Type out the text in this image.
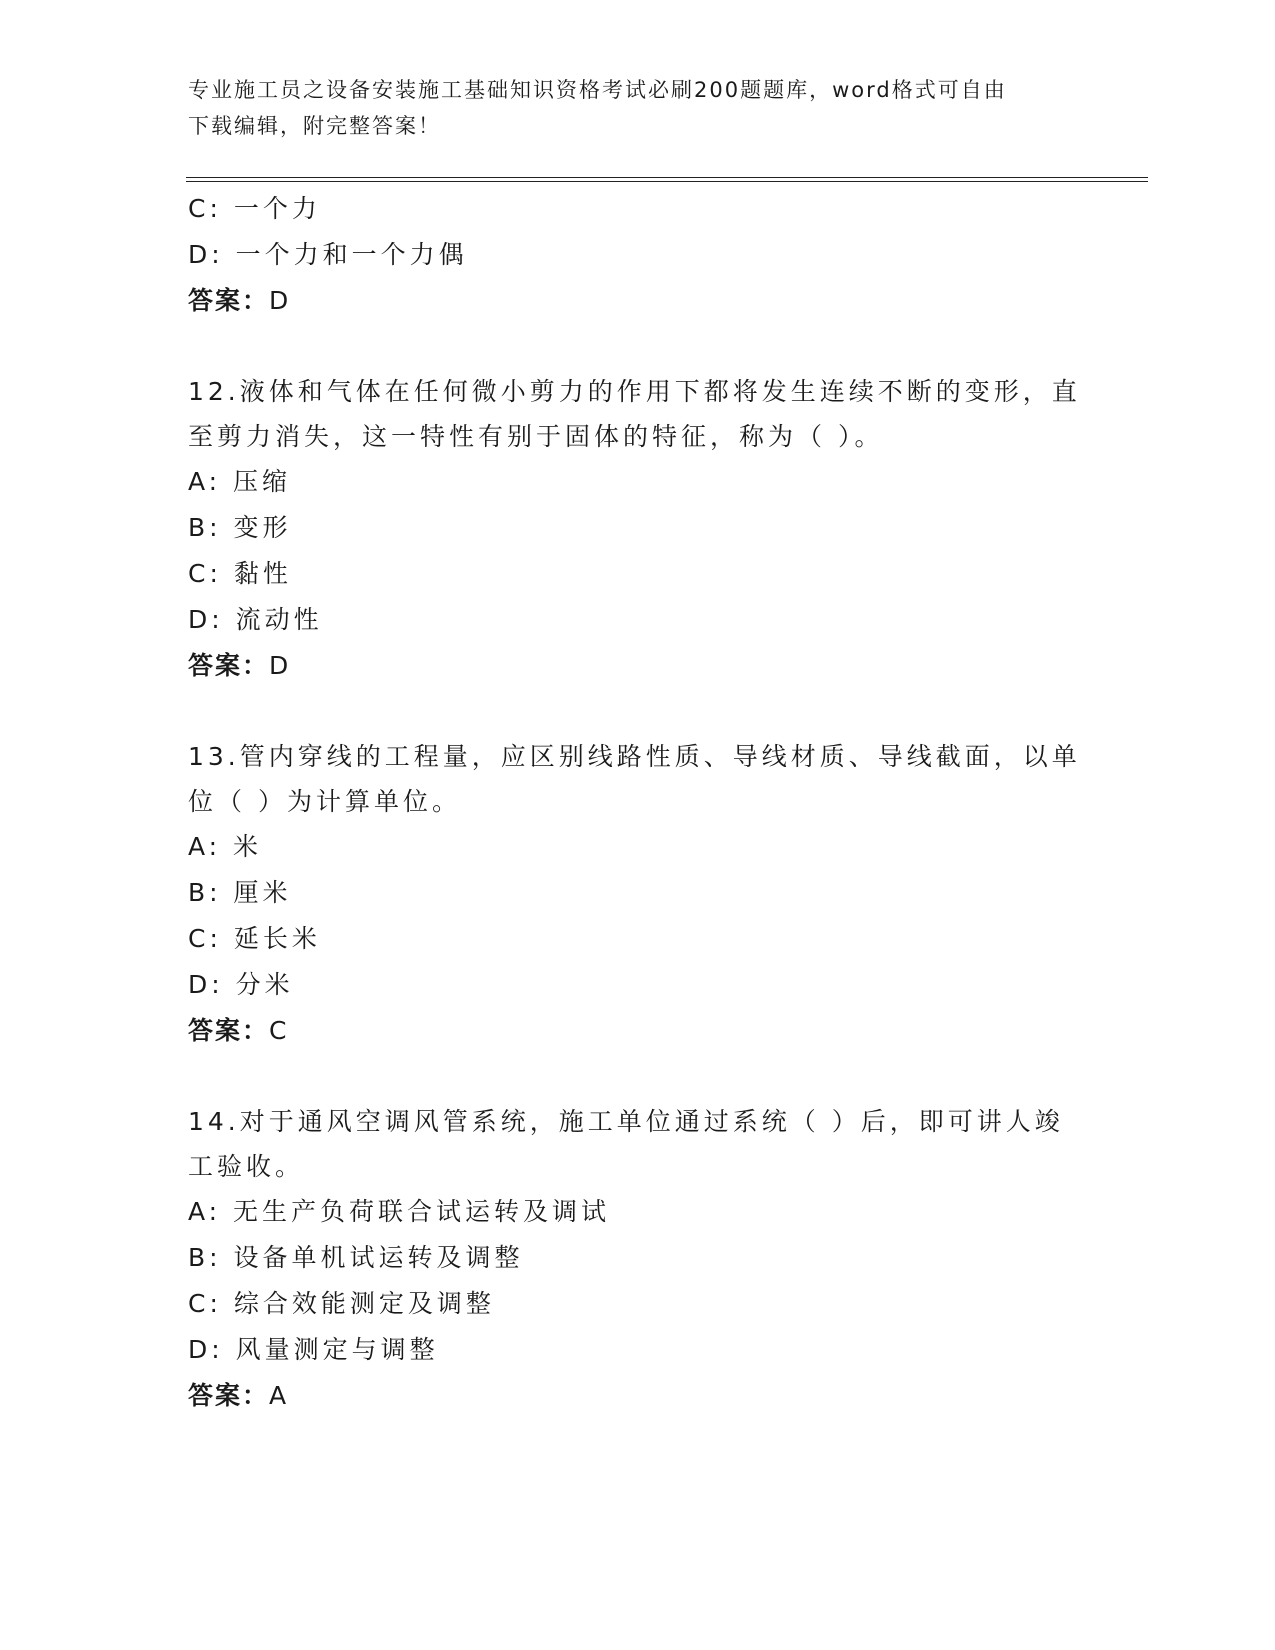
专业施工员之设备安装施工基础知识资格考试必刷200题题库，word格式可自由
下载编辑，附完整答案！
C: 一个力
D: 一个力和一个力偶
答案：D
12.液体和气体在任何微小剪力的作用下都将发生连续不断的变形，直
至剪力消失，这一特性有别于固体的特征，称为（ ）。
A: 压缩
B: 变形
C: 黏性
D: 流动性
答案：D
13.管内穿线的工程量，应区别线路性质、导线材质、导线截面，以单
位（ ）为计算单位。
A: 米
B: 厘米
C: 延长米
D: 分米
答案：C
14.对于通风空调风管系统，施工单位通过系统（ ）后，即可讲人竣
工验收。
A: 无生产负荷联合试运转及调试
B: 设备单机试运转及调整
C: 综合效能测定及调整
D: 风量测定与调整
答案：A
